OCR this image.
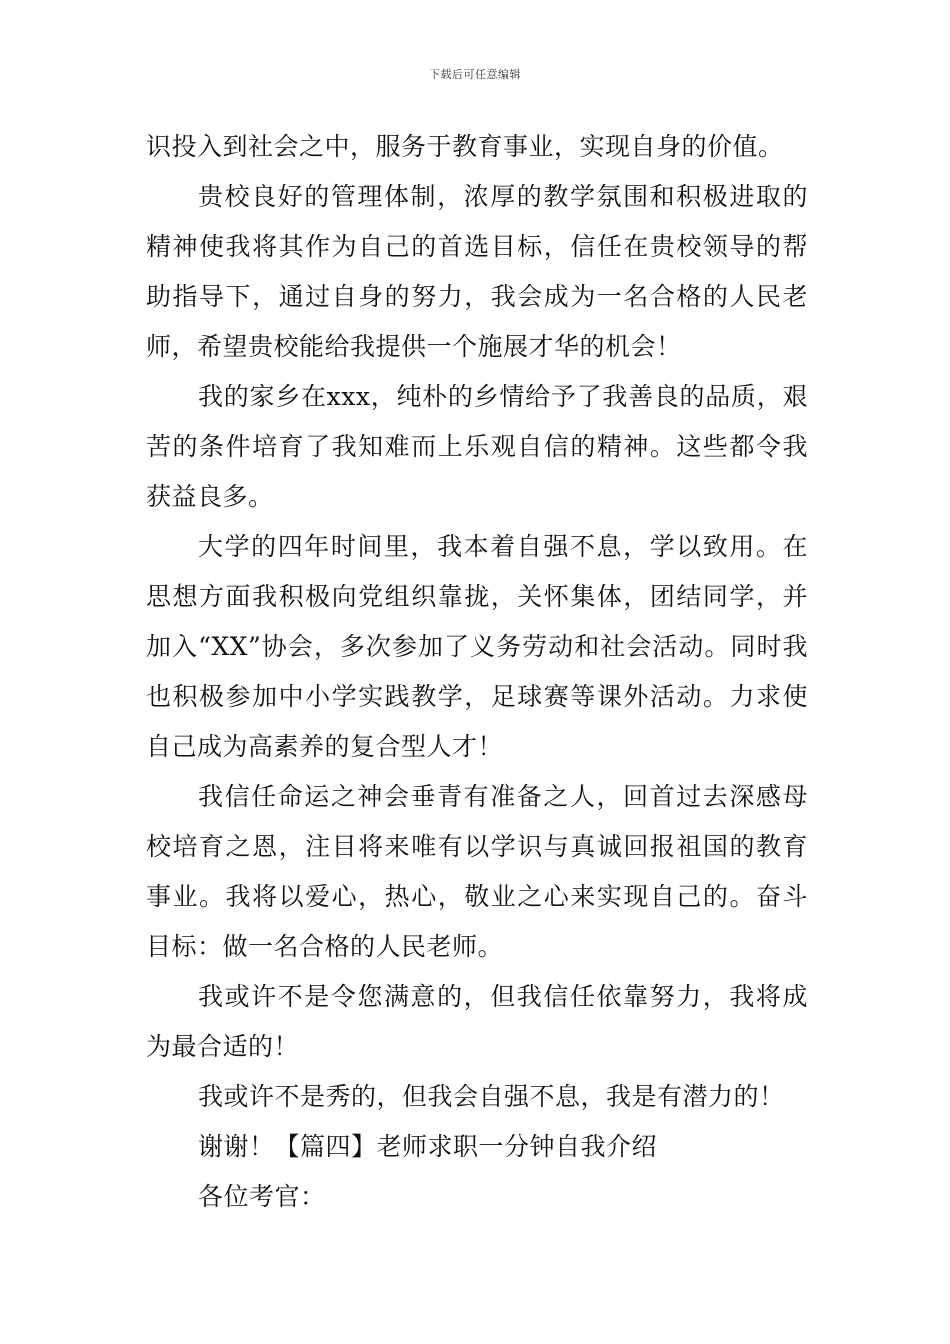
下载后可任意编辑

识投入到社会之中，服务于教育事业，实现自身的价值。

贵校良好的管理体制，浓厚的教学氛围和积极进取的精神使我将其作为自己的首选目标，信任在贵校领导的帮助指导下，通过自身的努力，我会成为一名合格的人民老师，希望贵校能给我提供一个施展才华的机会！

我的家乡在xxx，纯朴的乡情给予了我善良的品质，艰苦的条件培育了我知难而上乐观自信的精神。这些都令我获益良多。

大学的四年时间里，我本着自强不息，学以致用。在思想方面我积极向党组织靠拢，关怀集体，团结同学，并加入“XX”协会，多次参加了义务劳动和社会活动。同时我也积极参加中小学实践教学，足球赛等课外活动。力求使自己成为高素养的复合型人才！

我信任命运之神会垂青有准备之人，回首过去深感母校培育之恩，注目将来唯有以学识与真诚回报祖国的教育事业。我将以爱心，热心，敬业之心来实现自己的。奋斗目标：做一名合格的人民老师。

我或许不是令您满意的，但我信任依靠努力，我将成为最合适的！

我或许不是秀的，但我会自强不息，我是有潜力的！

谢谢！【篇四】老师求职一分钟自我介绍

各位考官：
